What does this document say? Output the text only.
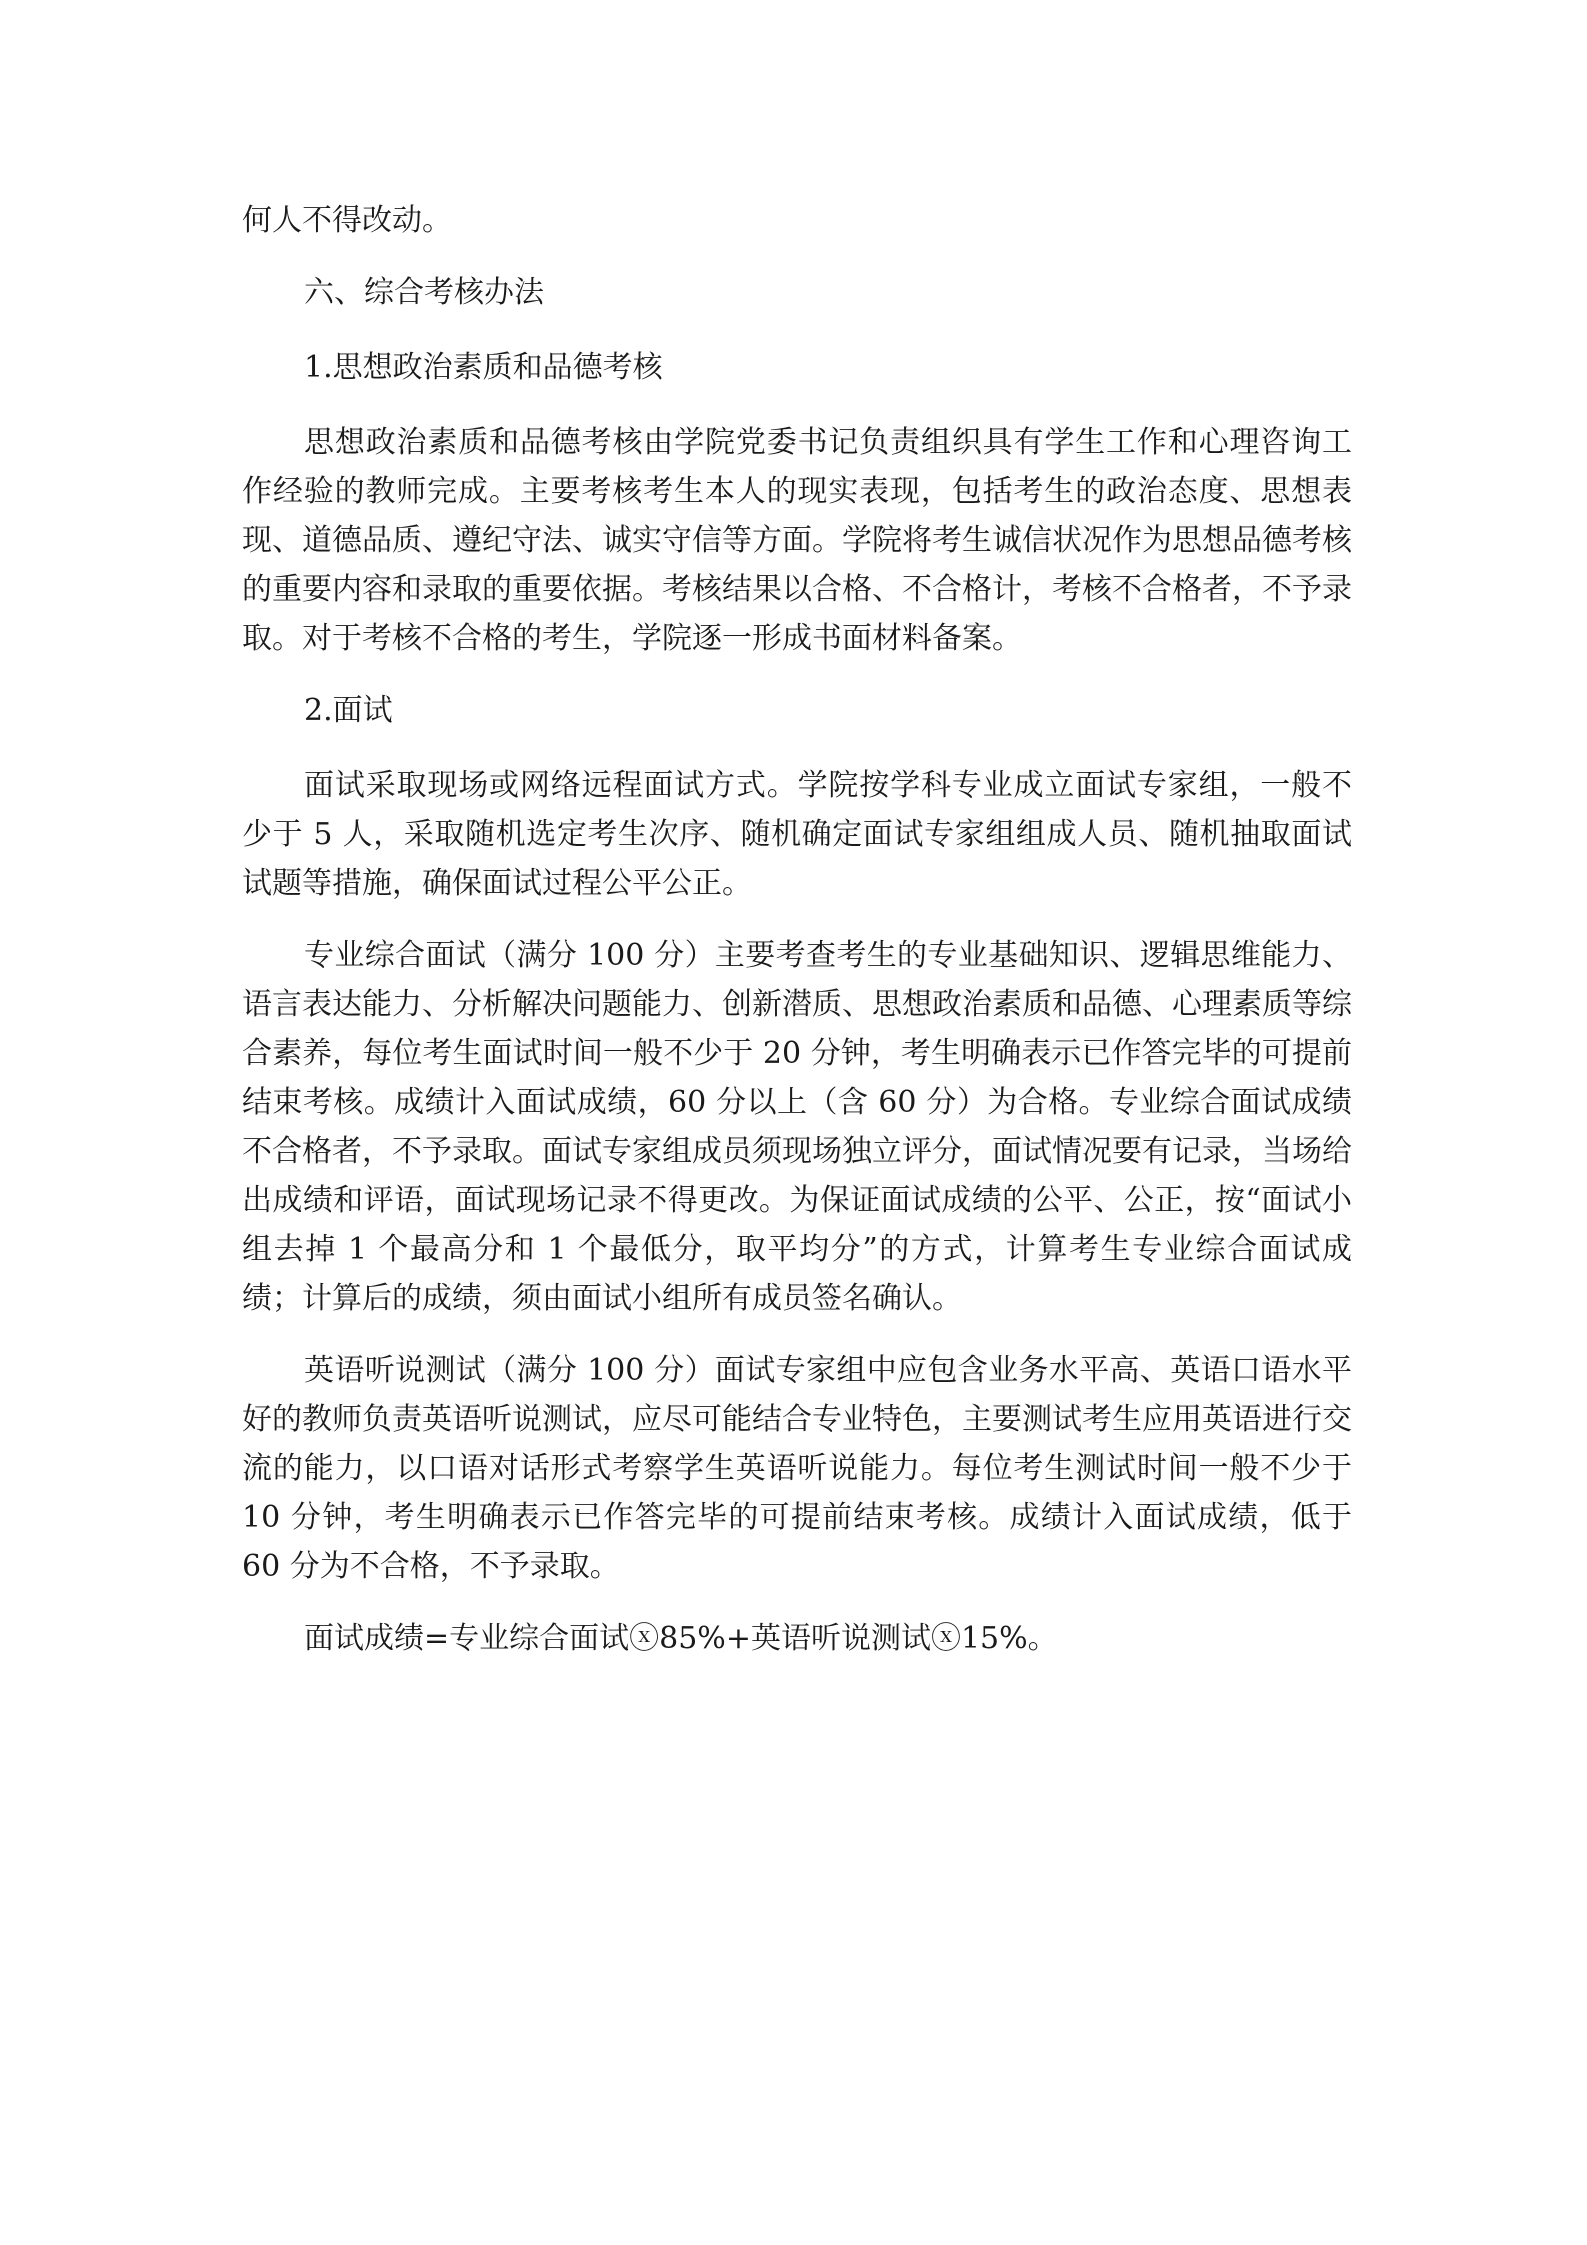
何人不得改动。

六、综合考核办法

1.思想政治素质和品德考核

思想政治素质和品德考核由学院党委书记负责组织具有学生工作和心理咨询工作经验的教师完成。主要考核考生本人的现实表现，包括考生的政治态度、思想表现、道德品质、遵纪守法、诚实守信等方面。学院将考生诚信状况作为思想品德考核的重要内容和录取的重要依据。考核结果以合格、不合格计，考核不合格者，不予录取。对于考核不合格的考生，学院逐一形成书面材料备案。

2.面试

面试采取现场或网络远程面试方式。学院按学科专业成立面试专家组，一般不少于 5 人，采取随机选定考生次序、随机确定面试专家组组成人员、随机抽取面试试题等措施，确保面试过程公平公正。

专业综合面试（满分 100 分）主要考查考生的专业基础知识、逻辑思维能力、语言表达能力、分析解决问题能力、创新潜质、思想政治素质和品德、心理素质等综合素养，每位考生面试时间一般不少于 20 分钟，考生明确表示已作答完毕的可提前结束考核。成绩计入面试成绩，60 分以上（含 60 分）为合格。专业综合面试成绩不合格者，不予录取。面试专家组成员须现场独立评分，面试情况要有记录，当场给出成绩和评语，面试现场记录不得更改。为保证面试成绩的公平、公正，按“面试小组去掉 1 个最高分和 1 个最低分，取平均分”的方式，计算考生专业综合面试成绩；计算后的成绩，须由面试小组所有成员签名确认。

英语听说测试（满分 100 分）面试专家组中应包含业务水平高、英语口语水平好的教师负责英语听说测试，应尽可能结合专业特色，主要测试考生应用英语进行交流的能力，以口语对话形式考察学生英语听说能力。每位考生测试时间一般不少于 10 分钟，考生明确表示已作答完毕的可提前结束考核。成绩计入面试成绩，低于 60 分为不合格，不予录取。

面试成绩=专业综合面试ⓧ85%+英语听说测试ⓧ15%。
